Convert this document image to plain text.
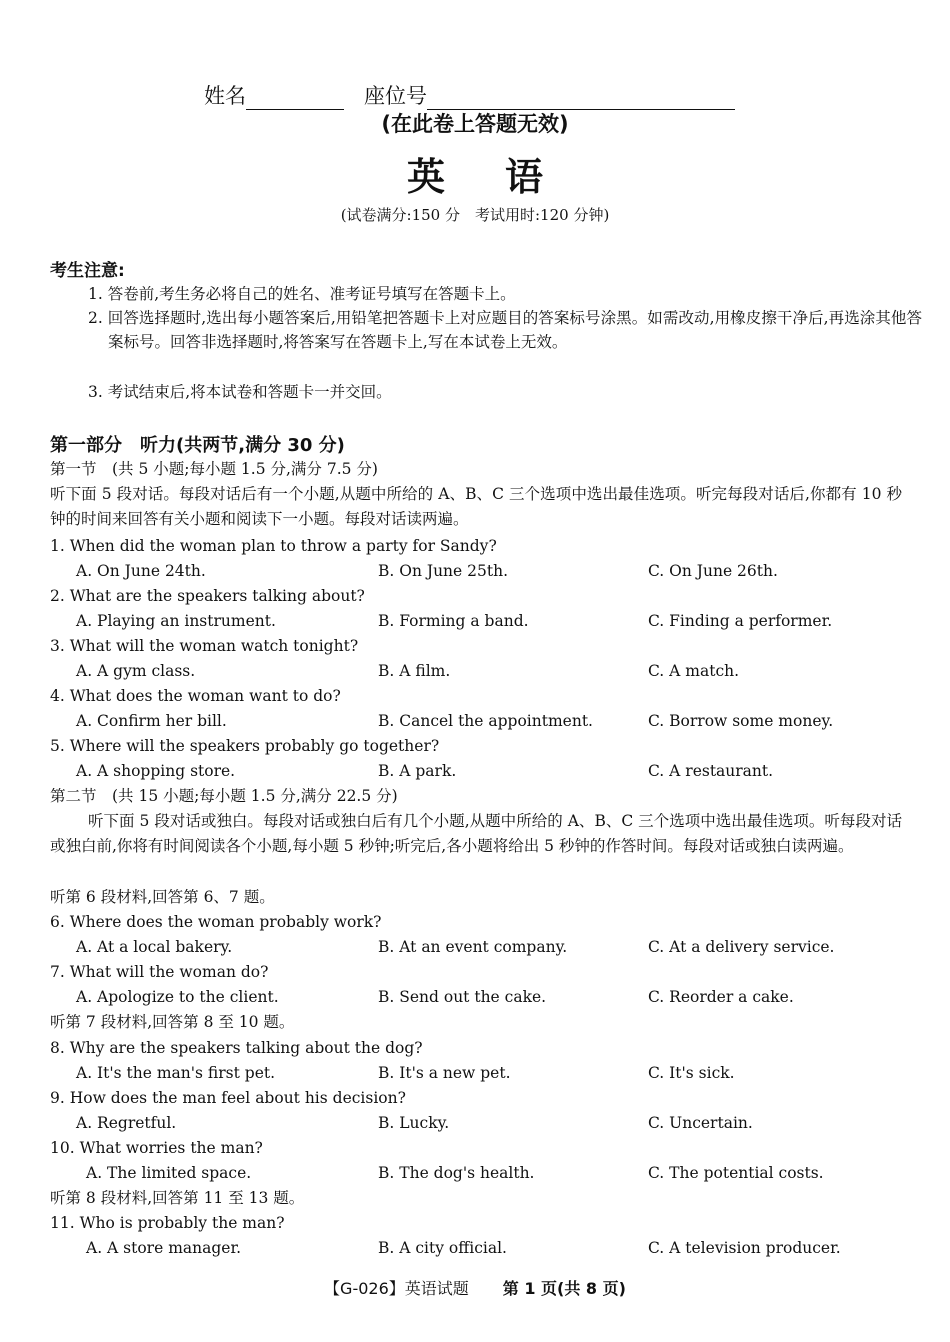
姓名	座位号
(在此卷上答题无效)
英语
(试卷满分:150 分　考试用时:120 分钟)
考生注意:
1. 答卷前,考生务必将自己的姓名、准考证号填写在答题卡上。
2. 回答选择题时,选出每小题答案后,用铅笔把答题卡上对应题目的答案标号涂黑。如需改动,用橡皮擦干净后,再选涂其他答案标号。回答非选择题时,将答案写在答题卡上,写在本试卷上无效。
3. 考试结束后,将本试卷和答题卡一并交回。
第一部分　听力(共两节,满分 30 分)
第一节　(共 5 小题;每小题 1.5 分,满分 7.5 分)
听下面 5 段对话。每段对话后有一个小题,从题中所给的 A、B、C 三个选项中选出最佳选项。听完每段对话后,你都有 10 秒钟的时间来回答有关小题和阅读下一小题。每段对话读两遍。
1. When did the woman plan to throw a party for Sandy?
A. On June 24th.	B. On June 25th.	C. On June 26th.
2. What are the speakers talking about?
A. Playing an instrument.	B. Forming a band.	C. Finding a performer.
3. What will the woman watch tonight?
A. A gym class.	B. A film.	C. A match.
4. What does the woman want to do?
A. Confirm her bill.	B. Cancel the appointment.	C. Borrow some money.
5. Where will the speakers probably go together?
A. A shopping store.	B. A park.	C. A restaurant.
第二节　(共 15 小题;每小题 1.5 分,满分 22.5 分)
听下面 5 段对话或独白。每段对话或独白后有几个小题,从题中所给的 A、B、C 三个选项中选出最佳选项。听每段对话或独白前,你将有时间阅读各个小题,每小题 5 秒钟;听完后,各小题将给出 5 秒钟的作答时间。每段对话或独白读两遍。
听第 6 段材料,回答第 6、7 题。
6. Where does the woman probably work?
A. At a local bakery.	B. At an event company.	C. At a delivery service.
7. What will the woman do?
A. Apologize to the client.	B. Send out the cake.	C. Reorder a cake.
听第 7 段材料,回答第 8 至 10 题。
8. Why are the speakers talking about the dog?
A. It's the man's first pet.	B. It's a new pet.	C. It's sick.
9. How does the man feel about his decision?
A. Regretful.	B. Lucky.	C. Uncertain.
10. What worries the man?
A. The limited space.	B. The dog's health.	C. The potential costs.
听第 8 段材料,回答第 11 至 13 题。
11. Who is probably the man?
A. A store manager.	B. A city official.	C. A television producer.
【G-026】英语试题 第 1 页(共 8 页)
